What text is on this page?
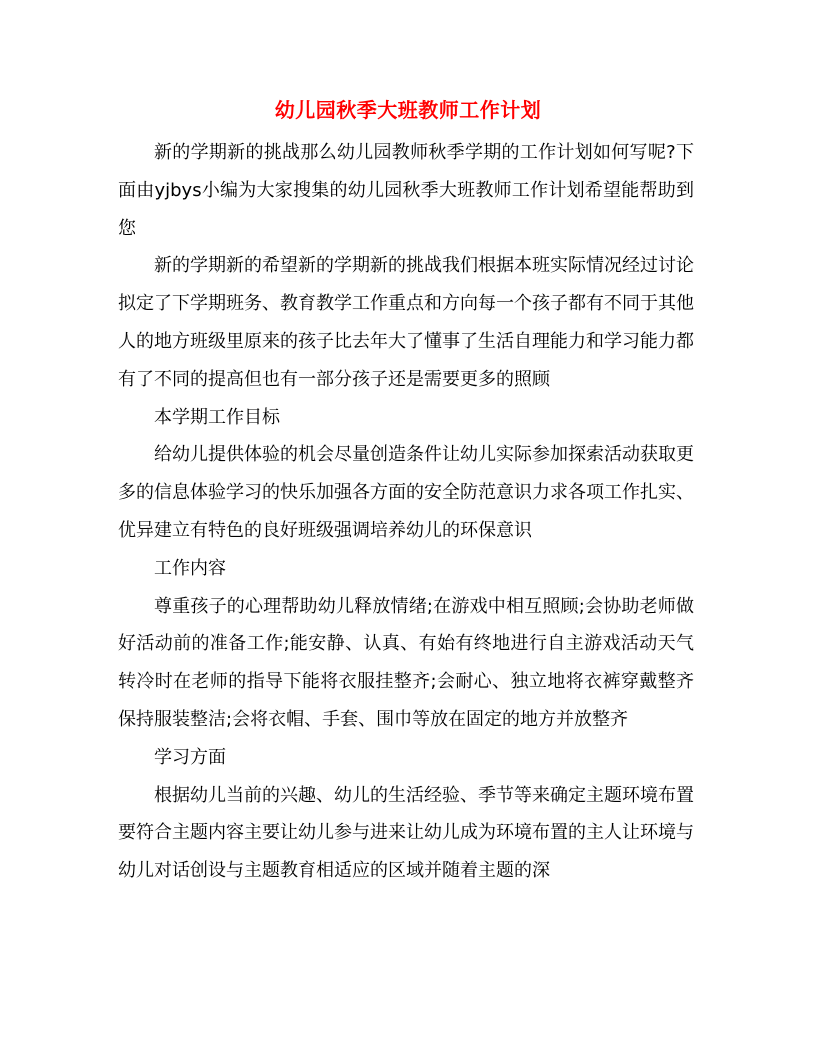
幼儿园秋季大班教师工作计划

新的学期新的挑战那么幼儿园教师秋季学期的工作计划如何写呢?下面由yjbys小编为大家搜集的幼儿园秋季大班教师工作计划希望能帮助到您

新的学期新的希望新的学期新的挑战我们根据本班实际情况经过讨论拟定了下学期班务、教育教学工作重点和方向每一个孩子都有不同于其他人的地方班级里原来的孩子比去年大了懂事了生活自理能力和学习能力都有了不同的提高但也有一部分孩子还是需要更多的照顾

本学期工作目标

给幼儿提供体验的机会尽量创造条件让幼儿实际参加探索活动获取更多的信息体验学习的快乐加强各方面的安全防范意识力求各项工作扎实、优异建立有特色的良好班级强调培养幼儿的环保意识

工作内容

尊重孩子的心理帮助幼儿释放情绪;在游戏中相互照顾;会协助老师做好活动前的准备工作;能安静、认真、有始有终地进行自主游戏活动天气转冷时在老师的指导下能将衣服挂整齐;会耐心、独立地将衣裤穿戴整齐保持服装整洁;会将衣帽、手套、围巾等放在固定的地方并放整齐

学习方面

根据幼儿当前的兴趣、幼儿的生活经验、季节等来确定主题环境布置要符合主题内容主要让幼儿参与进来让幼儿成为环境布置的主人让环境与幼儿对话创设与主题教育相适应的区域并随着主题的深
